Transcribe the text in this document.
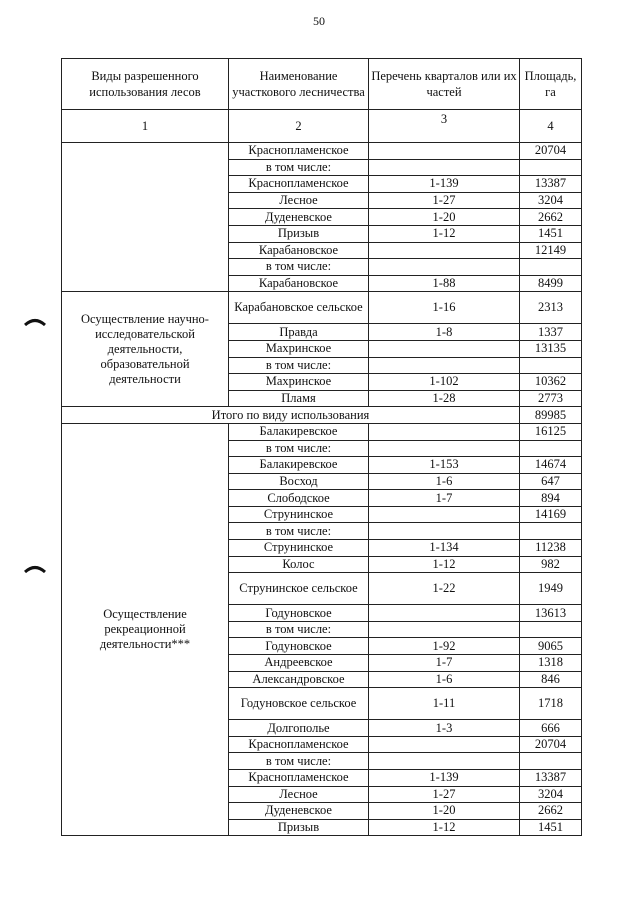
50
Виды разрешенного использования лесов	Наименование участкового лесничества	Перечень кварталов или их частей	Площадь, га
1	2	3	4
	Краснопламенское		20704
	в том числе:		
	Краснопламенское	1-139	13387
	Лесное	1-27	3204
	Дуденевское	1-20	2662
	Призыв	1-12	1451
	Карабановское		12149
	в том числе:		
	Карабановское	1-88	8499
Осуществление научно-исследовательской деятельности, образовательной деятельности	Карабановское сельское	1-16	2313
	Правда	1-8	1337
	Махринское		13135
	в том числе:		
	Махринское	1-102	10362
	Пламя	1-28	2773
Итого по виду использования			89985
Осуществление рекреационной деятельности***	Балакиревское		16125
	в том числе:		
	Балакиревское	1-153	14674
	Восход	1-6	647
	Слободское	1-7	894
	Струнинское		14169
	в том числе:		
	Струнинское	1-134	11238
	Колос	1-12	982
	Струнинское сельское	1-22	1949
	Годуновское		13613
	в том числе:		
	Годуновское	1-92	9065
	Андреевское	1-7	1318
	Александровское	1-6	846
	Годуновское сельское	1-11	1718
	Долгополье	1-3	666
	Краснопламенское		20704
	в том числе:		
	Краснопламенское	1-139	13387
	Лесное	1-27	3204
	Дуденевское	1-20	2662
	Призыв	1-12	1451
